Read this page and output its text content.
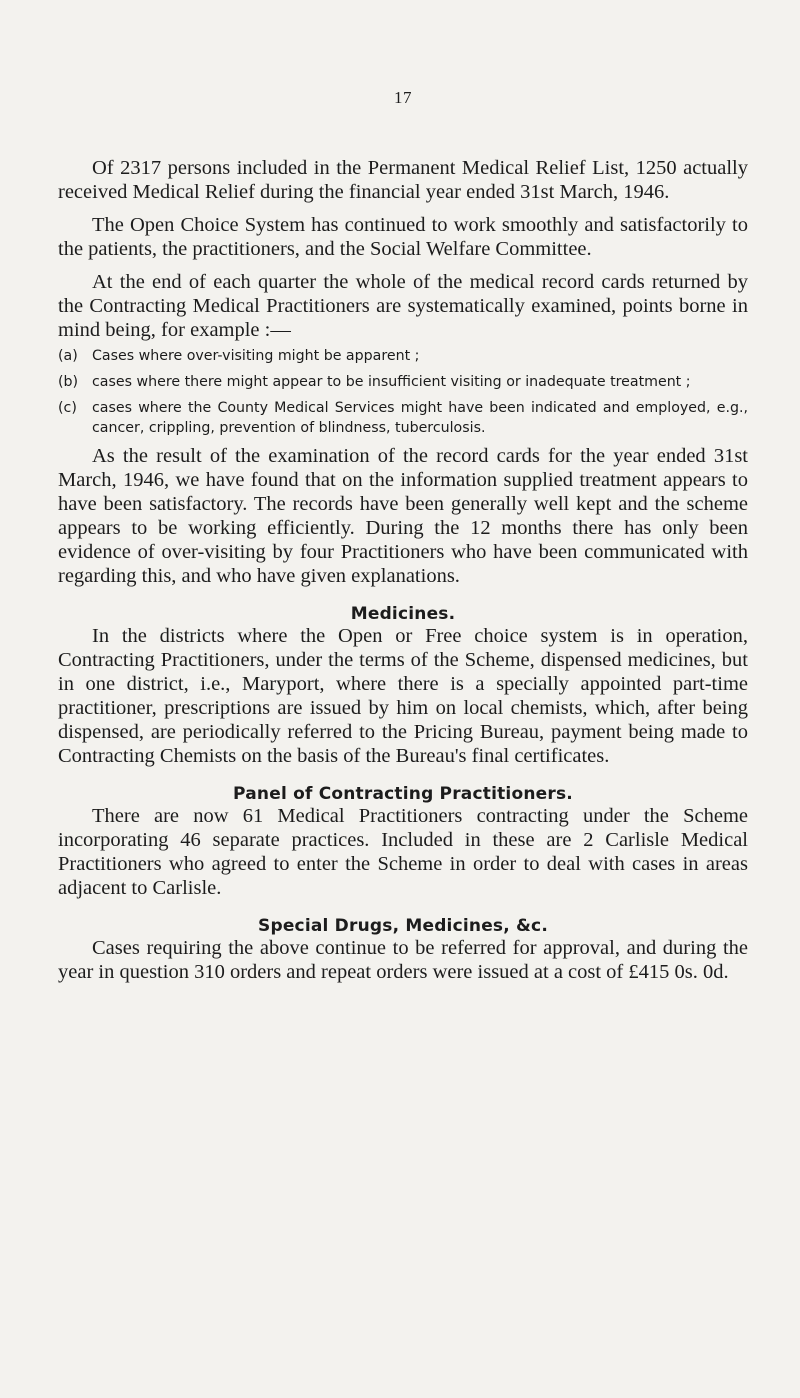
17

Of 2317 persons included in the Permanent Medical Relief List, 1250 actually received Medical Relief during the financial year ended 31st March, 1946.

The Open Choice System has continued to work smoothly and satisfactorily to the patients, the practitioners, and the Social Welfare Committee.

At the end of each quarter the whole of the medical record cards returned by the Contracting Medical Practitioners are systematically examined, points borne in mind being, for example :—

(a) Cases where over-visiting might be apparent ;
(b) cases where there might appear to be insufficient visiting or inadequate treatment ;
(c) cases where the County Medical Services might have been indicated and employed, e.g., cancer, crippling, prevention of blindness, tuberculosis.

As the result of the examination of the record cards for the year ended 31st March, 1946, we have found that on the information supplied treatment appears to have been satisfactory. The records have been generally well kept and the scheme appears to be working efficiently. During the 12 months there has only been evidence of over-visiting by four Practitioners who have been communicated with regarding this, and who have given explanations.

Medicines.

In the districts where the Open or Free choice system is in operation, Contracting Practitioners, under the terms of the Scheme, dispensed medicines, but in one district, i.e., Maryport, where there is a specially appointed part-time practitioner, prescriptions are issued by him on local chemists, which, after being dispensed, are periodically referred to the Pricing Bureau, payment being made to Contracting Chemists on the basis of the Bureau's final certificates.

Panel of Contracting Practitioners.

There are now 61 Medical Practitioners contracting under the Scheme incorporating 46 separate practices. Included in these are 2 Carlisle Medical Practitioners who agreed to enter the Scheme in order to deal with cases in areas adjacent to Carlisle.

Special Drugs, Medicines, &c.

Cases requiring the above continue to be referred for approval, and during the year in question 310 orders and repeat orders were issued at a cost of £415 0s. 0d.
